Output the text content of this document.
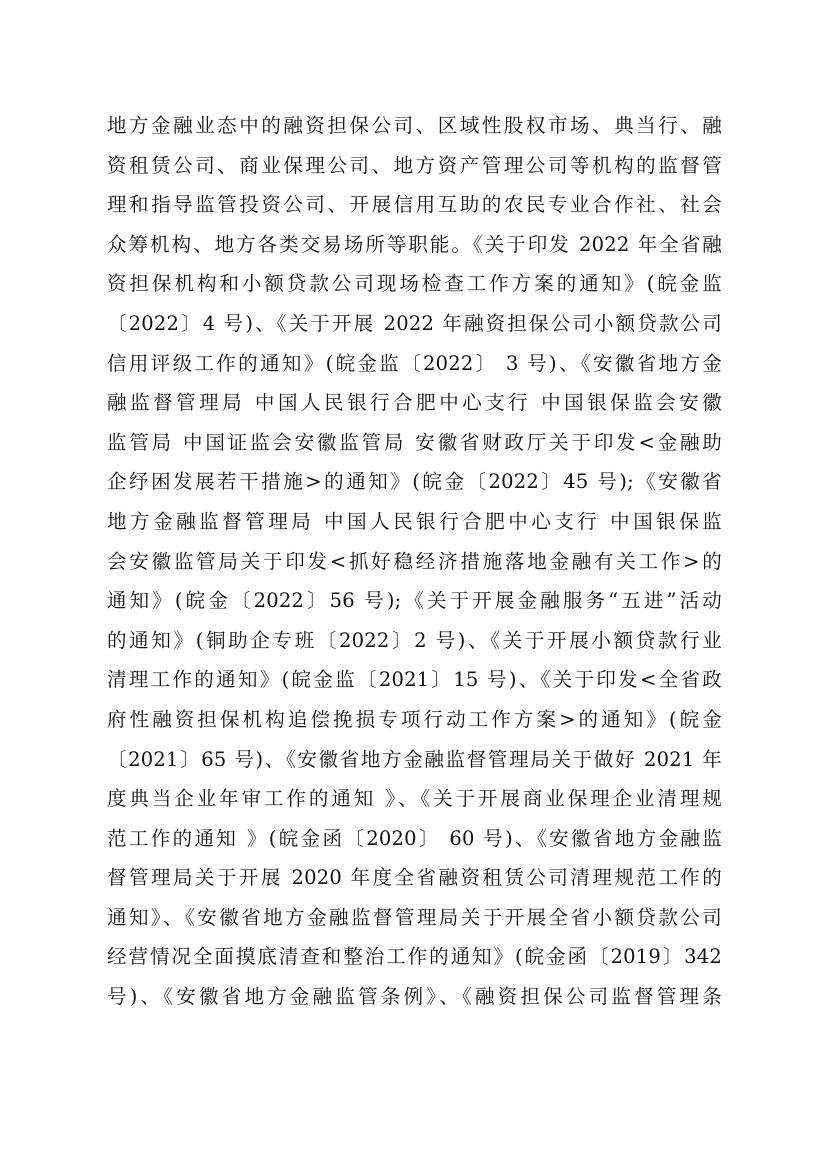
地方金融业态中的融资担保公司、区域性股权市场、典当行、融
资租赁公司、商业保理公司、地方资产管理公司等机构的监督管
理和指导监管投资公司、开展信用互助的农民专业合作社、社会
众筹机构、地方各类交易场所等职能。《关于印发 2022 年全省融
资担保机构和小额贷款公司现场检查工作方案的通知》(皖金监
〔2022〕4 号)、《关于开展 2022 年融资担保公司小额贷款公司
信用评级工作的通知》(皖金监〔2022〕 3 号)、《安徽省地方金
融监督管理局 中国人民银行合肥中心支行 中国银保监会安徽
监管局 中国证监会安徽监管局 安徽省财政厅关于印发<金融助
企纾困发展若干措施>的通知》(皖金〔2022〕45 号);《安徽省
地方金融监督管理局 中国人民银行合肥中心支行 中国银保监
会安徽监管局关于印发<抓好稳经济措施落地金融有关工作>的
通知》(皖金〔2022〕56 号);《关于开展金融服务“五进”活动
的通知》(铜助企专班〔2022〕2 号)、《关于开展小额贷款行业
清理工作的通知》(皖金监〔2021〕15 号)、《关于印发<全省政
府性融资担保机构追偿挽损专项行动工作方案>的通知》(皖金
〔2021〕65 号)、《安徽省地方金融监督管理局关于做好 2021 年
度典当企业年审工作的通知 》、《关于开展商业保理企业清理规
范工作的通知 》(皖金函〔2020〕 60 号)、《安徽省地方金融监
督管理局关于开展 2020 年度全省融资租赁公司清理规范工作的
通知》、《安徽省地方金融监督管理局关于开展全省小额贷款公司
经营情况全面摸底清查和整治工作的通知》(皖金函〔2019〕342
号)、《安徽省地方金融监管条例》、《融资担保公司监督管理条
